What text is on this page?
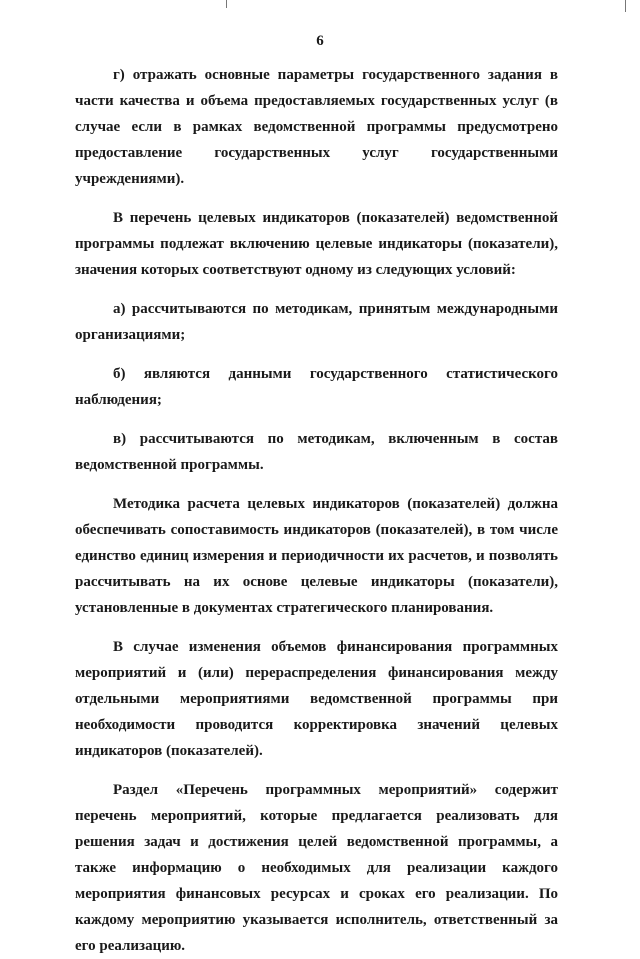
6

г) отражать основные параметры государственного задания в части качества и объема предоставляемых государственных услуг (в случае если в рамках ведомственной программы предусмотрено предоставление государственных услуг государственными учреждениями).

В перечень целевых индикаторов (показателей) ведомственной программы подлежат включению целевые индикаторы (показатели), значения которых соответствуют одному из следующих условий:

а) рассчитываются по методикам, принятым международными организациями;

б) являются данными государственного статистического наблюдения;

в) рассчитываются по методикам, включенным в состав ведомственной программы.

Методика расчета целевых индикаторов (показателей) должна обеспечивать сопоставимость индикаторов (показателей), в том числе единство единиц измерения и периодичности их расчетов, и позволять рассчитывать на их основе целевые индикаторы (показатели), установленные в документах стратегического планирования.

В случае изменения объемов финансирования программных мероприятий и (или) перераспределения финансирования между отдельными мероприятиями ведомственной программы при необходимости проводится корректировка значений целевых индикаторов (показателей).

Раздел «Перечень программных мероприятий» содержит перечень мероприятий, которые предлагается реализовать для решения задач и достижения целей ведомственной программы, а также информацию о необходимых для реализации каждого мероприятия финансовых ресурсах и сроках его реализации. По каждому мероприятию указывается исполнитель, ответственный за его реализацию.
